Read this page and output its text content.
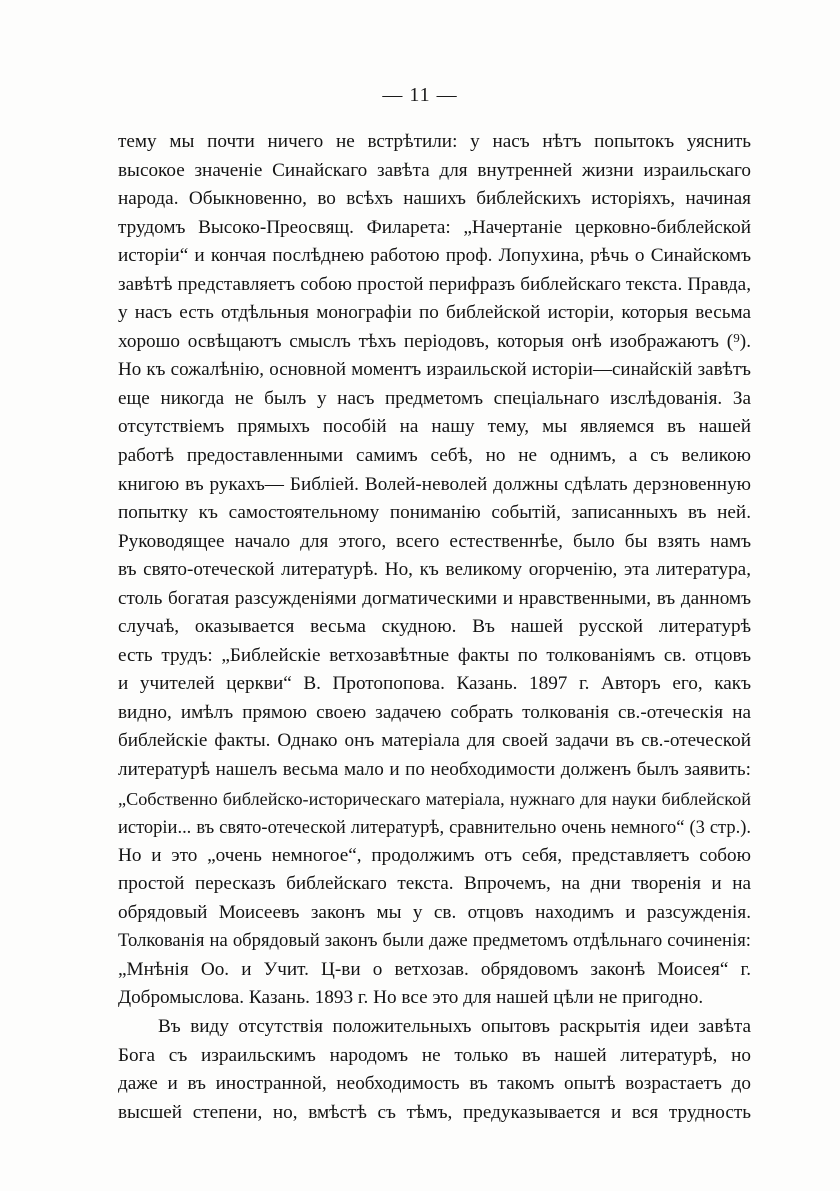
— 11 —
тему мы почти ничего не встрѣтили: у насъ нѣтъ попытокъ уяснить
высокое значеніе Синайскаго завѣта для внутренней жизни израильскаго
народа. Обыкновенно, во всѣхъ нашихъ библейскихъ исторіяхъ, начиная
трудомъ Высоко-Преосвящ. Филарета: „Начертаніе церковно-библейской
исторіи“ и кончая послѣднею работою проф. Лопухина, рѣчь о Синайскомъ
завѣтѣ представляетъ собою простой перифразъ библейскаго текста. Правда,
у насъ есть отдѣльныя монографіи по библейской исторіи, которыя весьма
хорошо освѣщаютъ смыслъ тѣхъ періодовъ, которыя онѣ изображаютъ (⁹).
Но къ сожалѣнію, основной моментъ израильской исторіи—синайскій завѣтъ
еще никогда не былъ у насъ предметомъ спеціальнаго изслѣдованія. За
отсутствіемъ прямыхъ пособій на нашу тему, мы являемся въ нашей
работѣ предоставленными самимъ себѣ, но не однимъ, а съ великою
книгою въ рукахъ— Библіей. Волей-неволей должны сдѣлать дерзновенную
попытку къ самостоятельному пониманію событій, записанныхъ въ ней.
Руководящее начало для этого, всего естественнѣе, было бы взять намъ
въ свято-отеческой литературѣ. Но, къ великому огорченію, эта литература,
столь богатая разсужденіями догматическими и нравственными, въ данномъ
случаѣ, оказывается весьма скудною. Въ нашей русской литературѣ
есть трудъ: „Библейскіе ветхозавѣтные факты по толкованіямъ св. отцовъ
и учителей церкви“ В. Протопопова. Казань. 1897 г. Авторъ его, какъ
видно, имѣлъ прямою своею задачею собрать толкованія св.-отеческія на
библейскіе факты. Однако онъ матеріала для своей задачи въ св.-отеческой
литературѣ нашелъ весьма мало и по необходимости долженъ былъ заявить:
„Собственно библейско-историческаго матеріала, нужнаго для науки библейской
исторіи... въ свято-отеческой литературѣ, сравнительно очень немного“ (3 стр.).
Но и это „очень немногое“, продолжимъ отъ себя, представляетъ собою
простой пересказъ библейскаго текста. Впрочемъ, на дни творенія и на
обрядовый Моисеевъ законъ мы у св. отцовъ находимъ и разсужденія.
Толкованія на обрядовый законъ были даже предметомъ отдѣльнаго сочиненія:
„Мнѣнія Оо. и Учит. Ц-ви о ветхозав. обрядовомъ законѣ Моисея“ г.
Добромыслова. Казань. 1893 г. Но все это для нашей цѣли не пригодно.
Въ виду отсутствія положительныхъ опытовъ раскрытія идеи завѣта
Бога съ израильскимъ народомъ не только въ нашей литературѣ, но
даже и въ иностранной, необходимость въ такомъ опытѣ возрастаетъ до
высшей степени, но, вмѣстѣ съ тѣмъ, предуказывается и вся трудность
